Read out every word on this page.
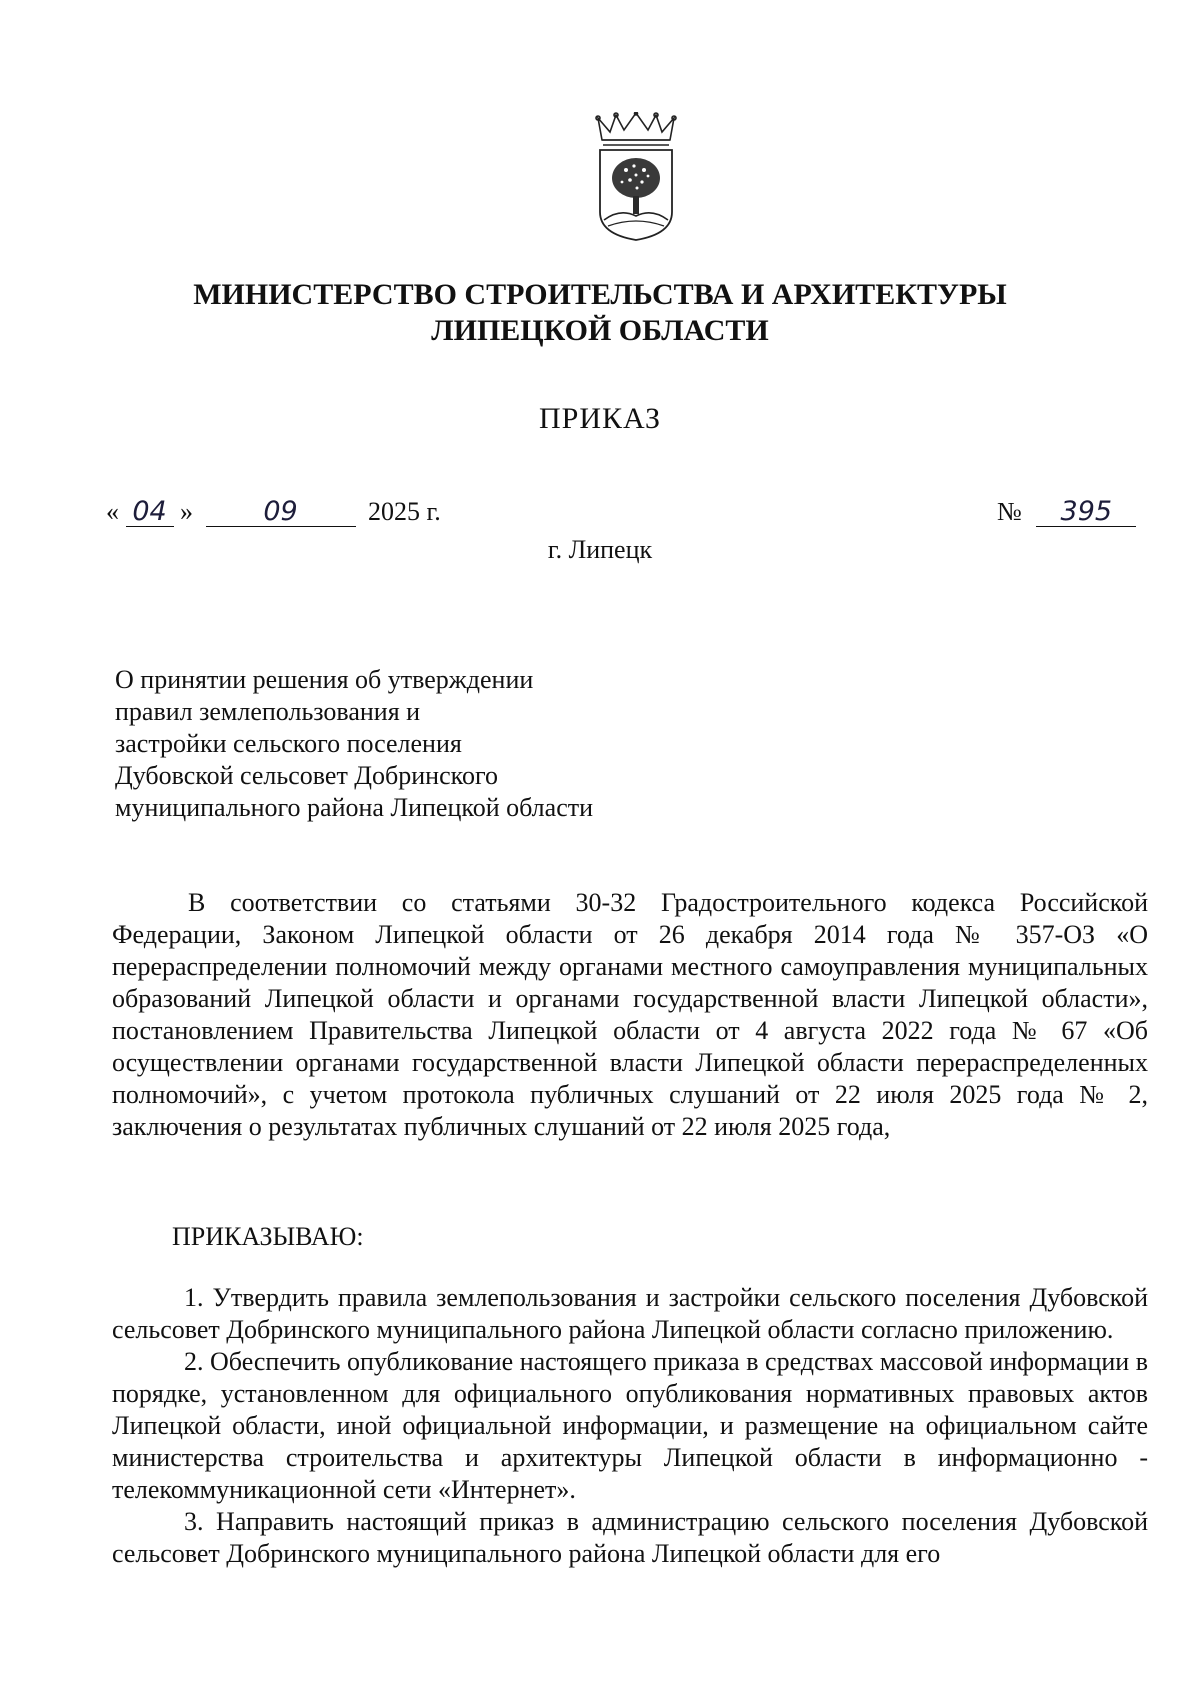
МИНИСТЕРСТВО СТРОИТЕЛЬСТВА И АРХИТЕКТУРЫ
ЛИПЕЦКОЙ ОБЛАСТИ
ПРИКАЗ
« 04 »	09	2025 г.	№ 395
г. Липецк
О принятии решения об утверждении
правил землепользования и
застройки сельского поселения
Дубовской сельсовет Добринского
муниципального района Липецкой области
В соответствии со статьями 30-32 Градостроительного кодекса Российской Федерации, Законом Липецкой области от 26 декабря 2014 года № 357-ОЗ «О перераспределении полномочий между органами местного самоуправления муниципальных образований Липецкой области и органами государственной власти Липецкой области», постановлением Правительства Липецкой области от 4 августа 2022 года № 67 «Об осуществлении органами государственной власти Липецкой области перераспределенных полномочий», с учетом протокола публичных слушаний от 22 июля 2025 года № 2, заключения о результатах публичных слушаний от 22 июля 2025 года,
ПРИКАЗЫВАЮ:

1. Утвердить правила землепользования и застройки сельского поселения Дубовской сельсовет Добринского муниципального района Липецкой области согласно приложению.

2. Обеспечить опубликование настоящего приказа в средствах массовой информации в порядке, установленном для официального опубликования нормативных правовых актов Липецкой области, иной официальной информации, и размещение на официальном сайте министерства строительства и архитектуры Липецкой области в информационно - телекоммуникационной сети «Интернет».

3. Направить настоящий приказ в администрацию сельского поселения Дубовской сельсовет Добринского муниципального района Липецкой области для его
